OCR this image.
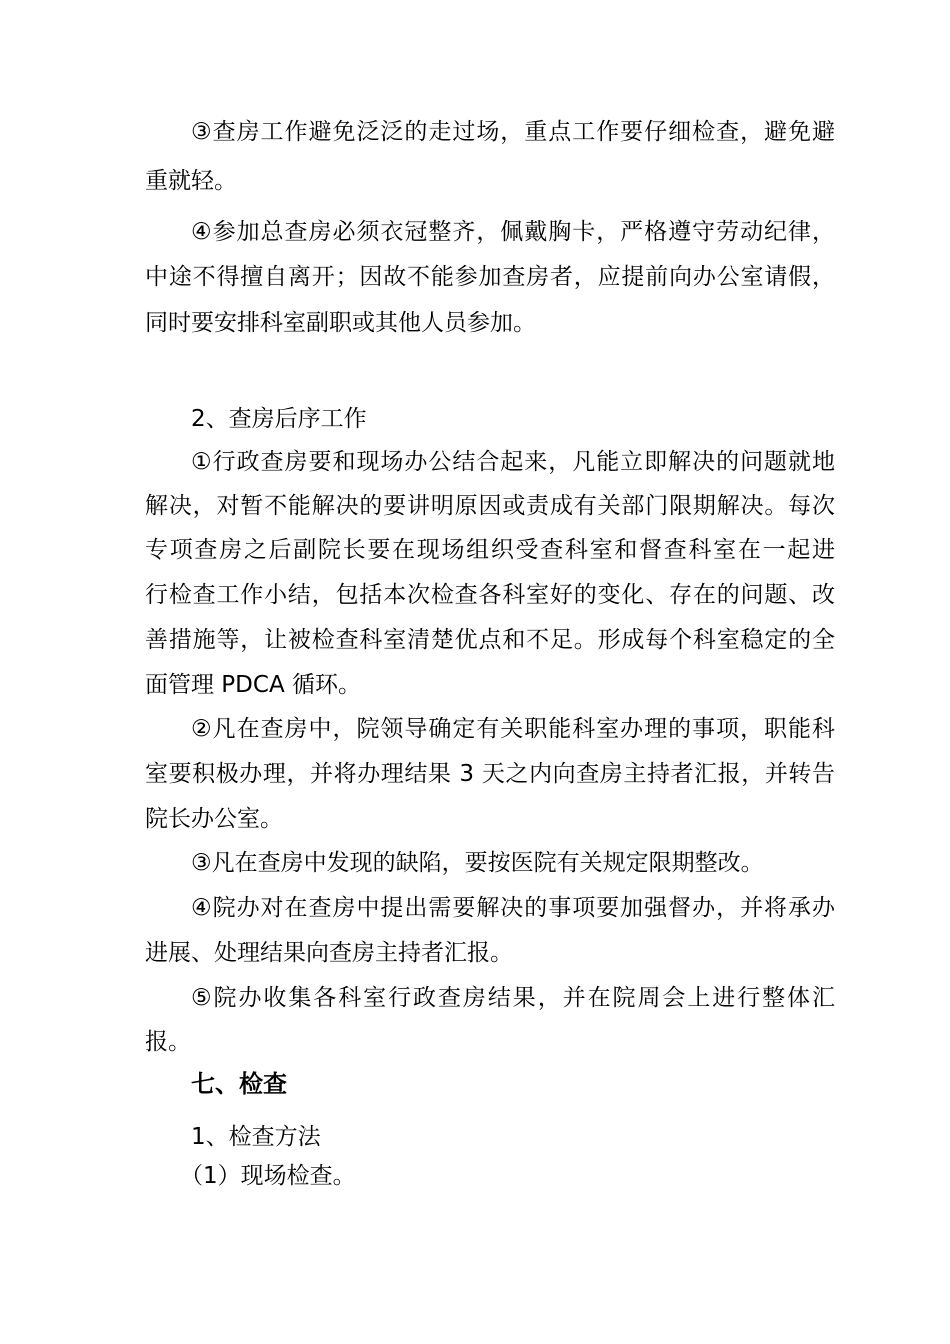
③查房工作避免泛泛的走过场，重点工作要仔细检查，避免避
重就轻。
④参加总查房必须衣冠整齐，佩戴胸卡，严格遵守劳动纪律，
中途不得擅自离开；因故不能参加查房者，应提前向办公室请假，
同时要安排科室副职或其他人员参加。
2、查房后序工作
①行政查房要和现场办公结合起来，凡能立即解决的问题就地
解决，对暂不能解决的要讲明原因或责成有关部门限期解决。每次
专项查房之后副院长要在现场组织受查科室和督查科室在一起进
行检查工作小结，包括本次检查各科室好的变化、存在的问题、改
善措施等，让被检查科室清楚优点和不足。形成每个科室稳定的全
面管理 PDCA 循环。
②凡在查房中，院领导确定有关职能科室办理的事项，职能科
室要积极办理，并将办理结果 3 天之内向查房主持者汇报，并转告
院长办公室。
③凡在查房中发现的缺陷，要按医院有关规定限期整改。
④院办对在查房中提出需要解决的事项要加强督办，并将承办
进展、处理结果向查房主持者汇报。
⑤院办收集各科室行政查房结果，并在院周会上进行整体汇
报。
七、检查
1、检查方法
（1）现场检查。
